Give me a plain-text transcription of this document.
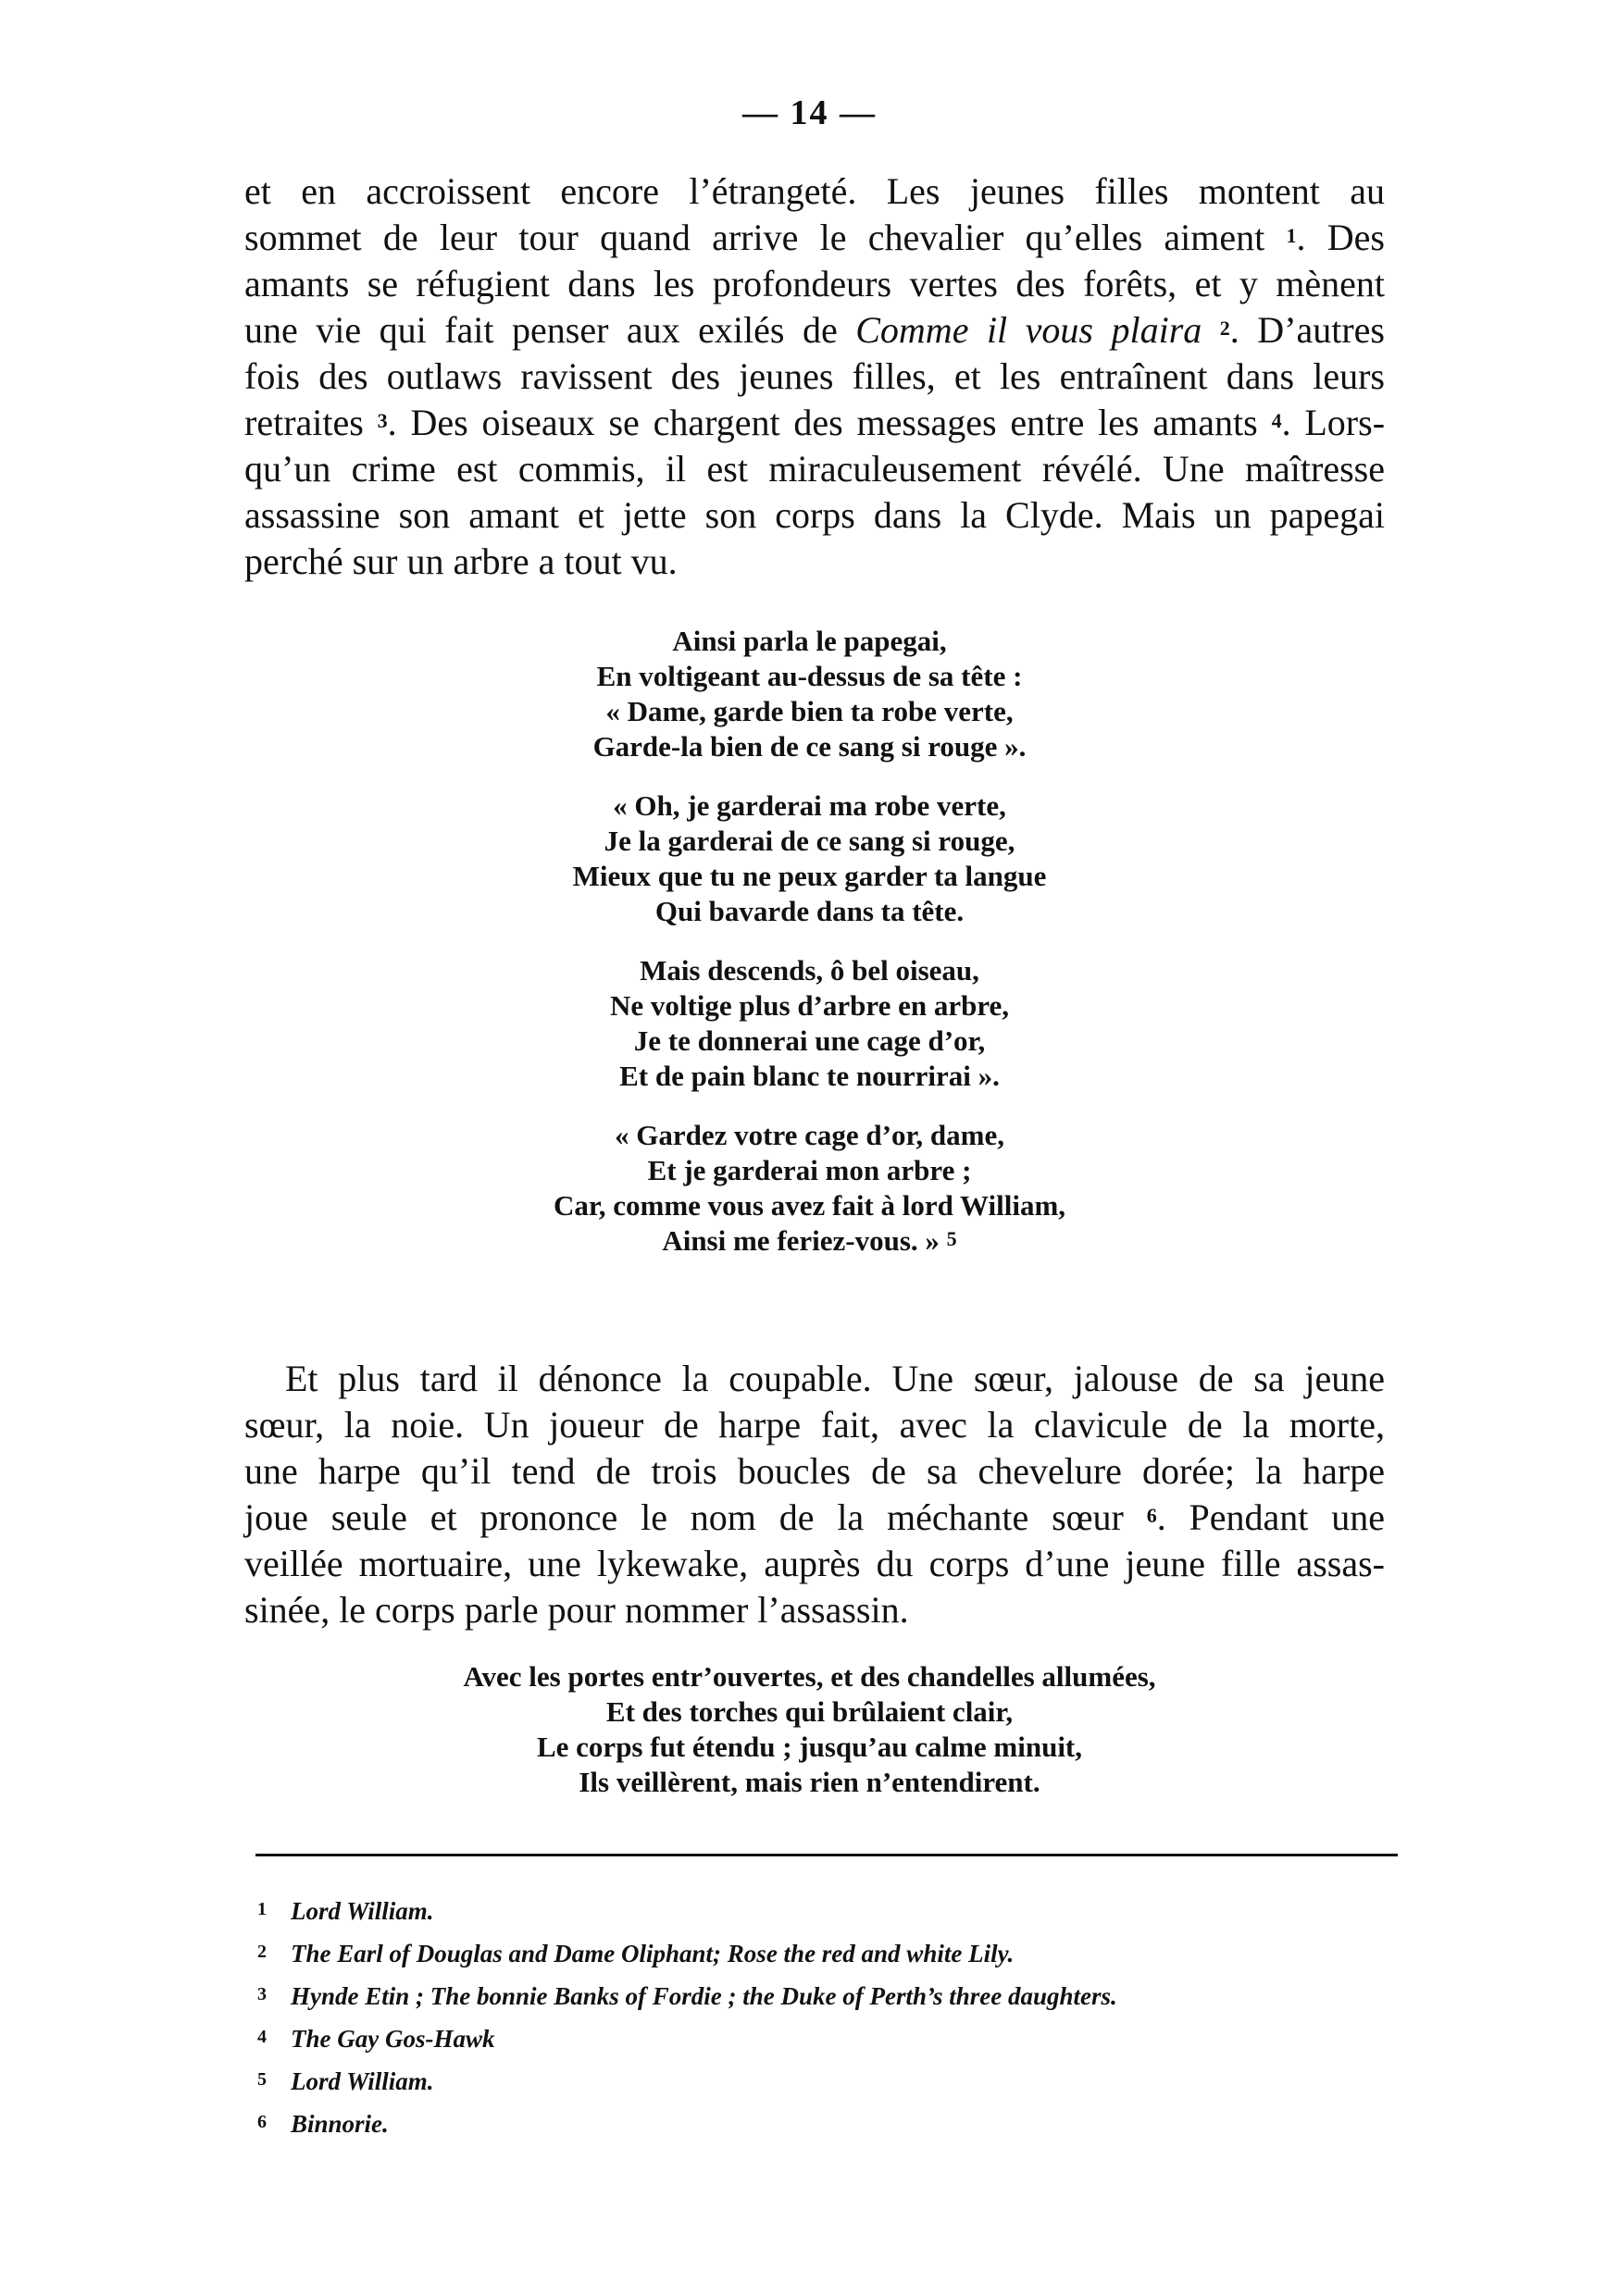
— 14 —
et en accroissent encore l’étrangeté. Les jeunes filles montent au
sommet de leur tour quand arrive le chevalier qu’elles aiment $^1$. Des
amants se réfugient dans les profondeurs vertes des forêts, et y mènent
une vie qui fait penser aux exilés de Comme il vous plaira $^2$. D’autres
fois des outlaws ravissent des jeunes filles, et les entraînent dans leurs
retraites $^3$. Des oiseaux se chargent des messages entre les amants $^4$. Lors-
qu’un crime est commis, il est miraculeusement révélé. Une maîtresse
assassine son amant et jette son corps dans la Clyde. Mais un papegai
perché sur un arbre a tout vu.
Ainsi parla le papegai,
En voltigeant au-dessus de sa tête :
« Dame, garde bien ta robe verte,
Garde-la bien de ce sang si rouge ».
« Oh, je garderai ma robe verte,
Je la garderai de ce sang si rouge,
Mieux que tu ne peux garder ta langue
Qui bavarde dans ta tête.
Mais descends, ô bel oiseau,
Ne voltige plus d’arbre en arbre,
Je te donnerai une cage d’or,
Et de pain blanc te nourrirai ».
« Gardez votre cage d’or, dame,
Et je garderai mon arbre ;
Car, comme vous avez fait à lord William,
Ainsi me feriez-vous. » $^5$
Et plus tard il dénonce la coupable. Une sœur, jalouse de sa jeune
sœur, la noie. Un joueur de harpe fait, avec la clavicule de la morte,
une harpe qu’il tend de trois boucles de sa chevelure dorée; la harpe
joue seule et prononce le nom de la méchante sœur $^6$. Pendant une
veillée mortuaire, une lykewake, auprès du corps d’une jeune fille assas-
sinée, le corps parle pour nommer l’assassin.
Avec les portes entr’ouvertes, et des chandelles allumées,
Et des torches qui brûlaient clair,
Le corps fut étendu ; jusqu’au calme minuit,
Ils veillèrent, mais rien n’entendirent.
1 Lord William.
2 The Earl of Douglas and Dame Oliphant; Rose the red and white Lily.
3 Hynde Etin ; The bonnie Banks of Fordie ; the Duke of Perth’s three daughters.
4 The Gay Gos-Hawk
5 Lord William.
6 Binnorie.
